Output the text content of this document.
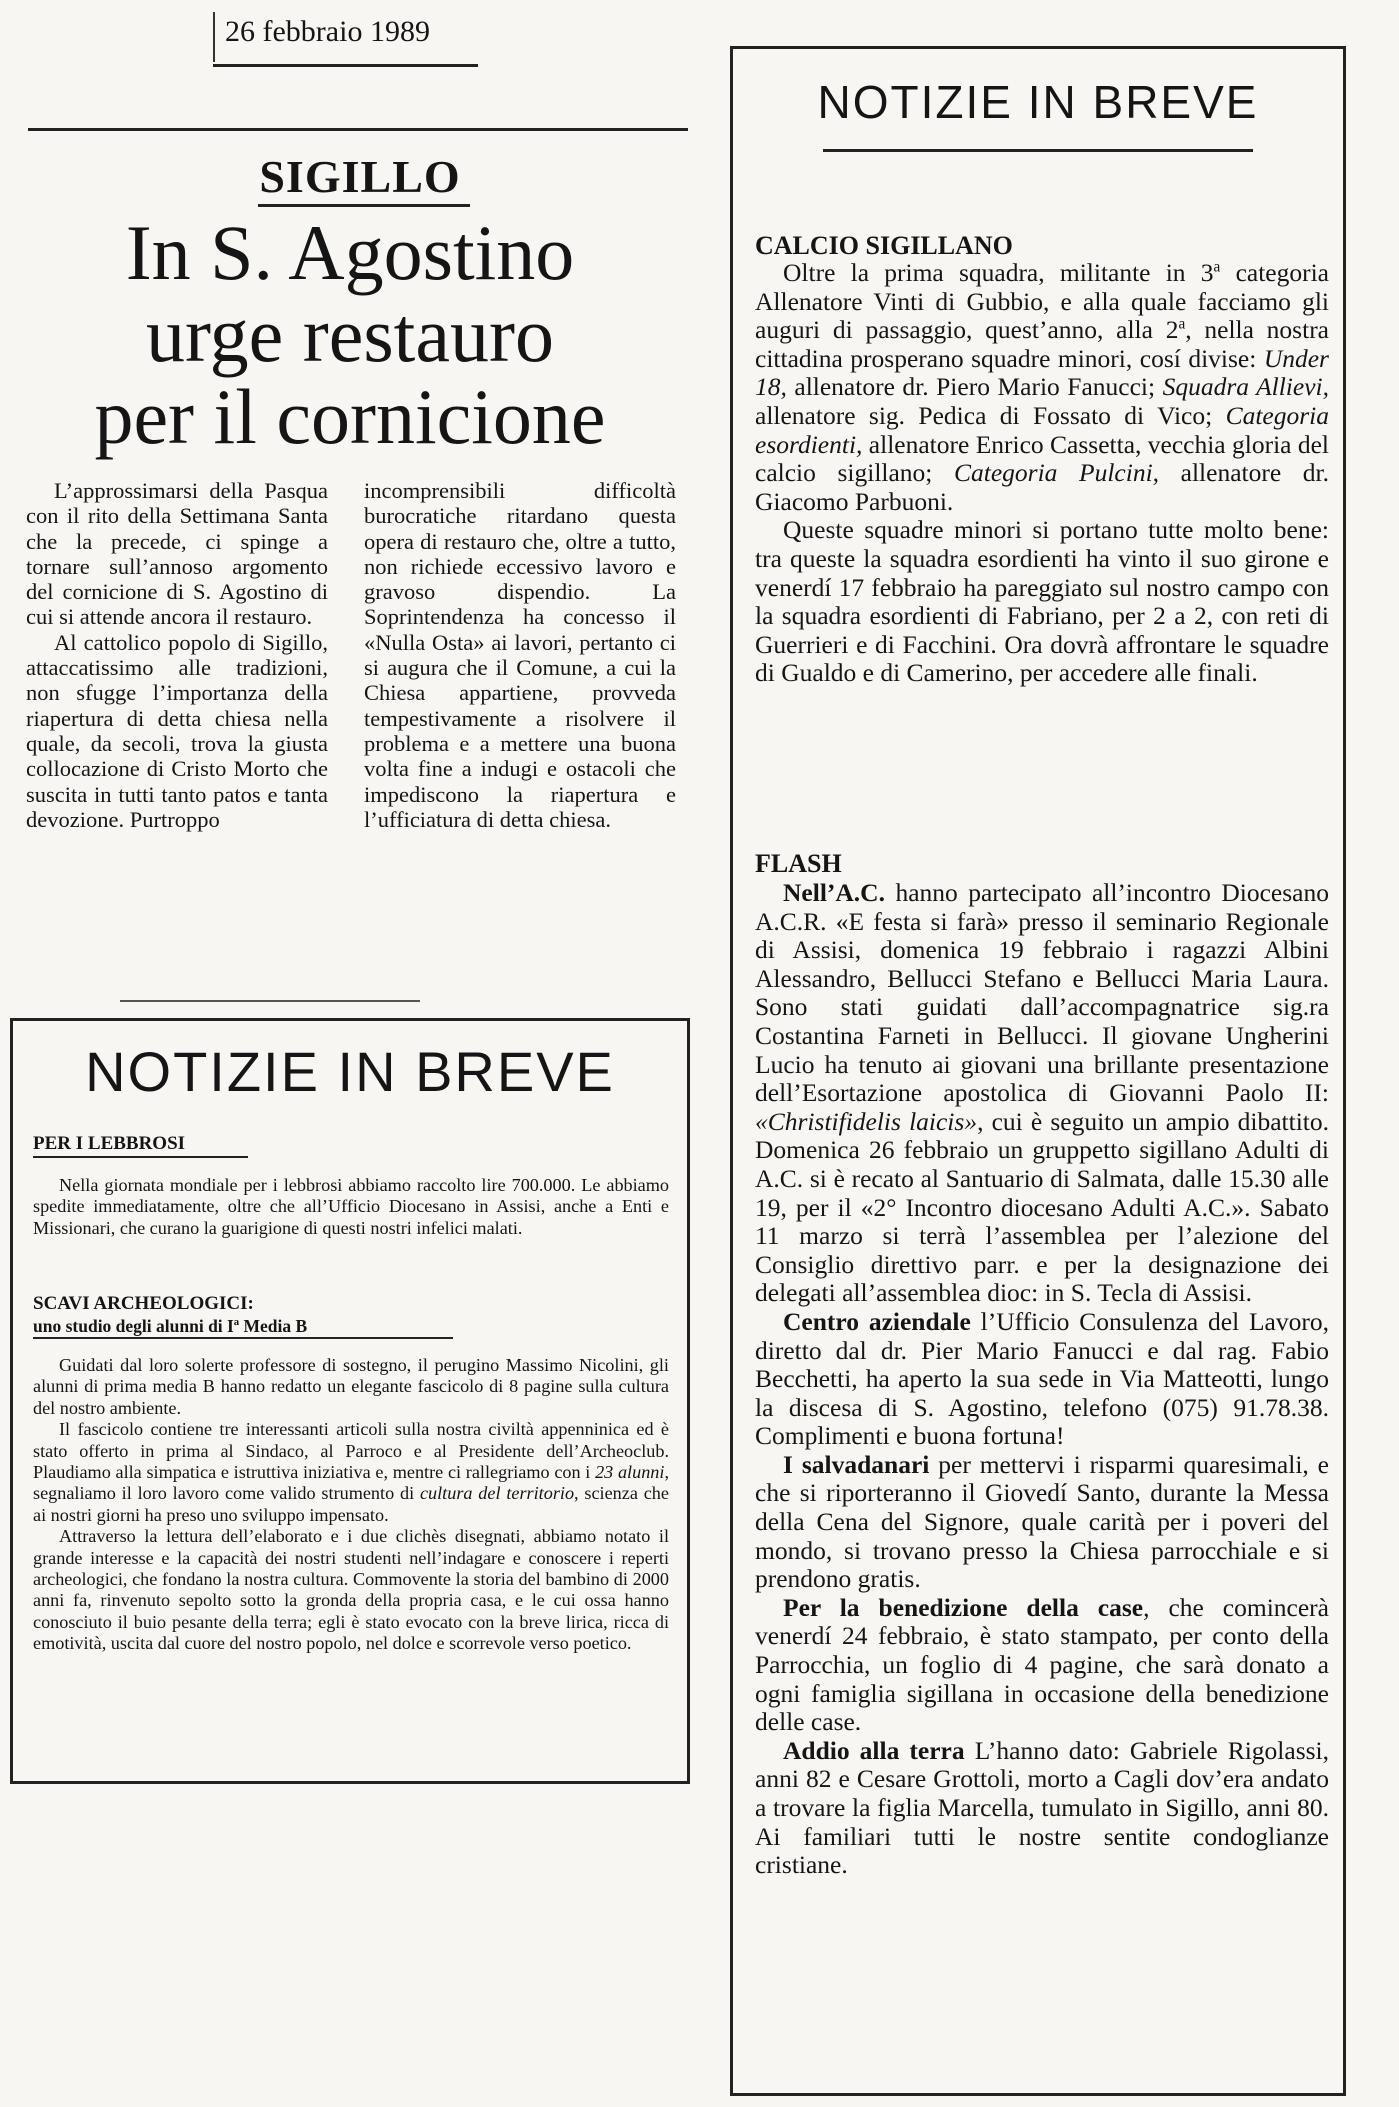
26 febbraio 1989
SIGILLO
In S. Agostino
urge restauro
per il cornicione

L’approssimarsi della Pasqua con il rito della Settimana Santa che la precede, ci spinge a tornare sull’annoso argomento del cornicione di S. Agostino di cui si attende ancora il restauro.

Al cattolico popolo di Sigillo, attaccatissimo alle tradizioni, non sfugge l’importanza della riapertura di detta chiesa nella quale, da secoli, trova la giusta collocazione di Cristo Morto che suscita in tutti tanto patos e tanta devozione. Purtroppo

incomprensibili difficoltà burocratiche ritardano questa opera di restauro che, oltre a tutto, non richiede eccessivo lavoro e gravoso dispendio. La Soprintendenza ha concesso il «Nulla Osta» ai lavori, pertanto ci si augura che il Comune, a cui la Chiesa appartiene, provveda tempestivamente a risolvere il problema e a mettere una buona volta fine a indugi e ostacoli che impediscono la riapertura e l’ufficiatura di detta chiesa.

NOTIZIE IN BREVE
PER I LEBBROSI

Nella giornata mondiale per i lebbrosi abbiamo raccolto lire 700.000. Le abbiamo spedite immediatamente, oltre che all’Ufficio Diocesano in Assisi, anche a Enti e Missionari, che curano la guarigione di questi nostri infelici malati.

SCAVI ARCHEOLOGICI:
uno studio degli alunni di Iª Media B

Guidati dal loro solerte professore di sostegno, il perugino Massimo Nicolini, gli alunni di prima media B hanno redatto un elegante fascicolo di 8 pagine sulla cultura del nostro ambiente.

Il fascicolo contiene tre interessanti articoli sulla nostra civiltà appenninica ed è stato offerto in prima al Sindaco, al Parroco e al Presidente dell’Archeoclub. Plaudiamo alla simpatica e istruttiva iniziativa e, mentre ci rallegriamo con i 23 alunni, segnaliamo il loro lavoro come valido strumento di cultura del territorio, scienza che ai nostri giorni ha preso uno sviluppo impensato.

Attraverso la lettura dell’elaborato e i due clichès disegnati, abbiamo notato il grande interesse e la capacità dei nostri studenti nell’indagare e conoscere i reperti archeologici, che fondano la nostra cultura. Commovente la storia del bambino di 2000 anni fa, rinvenuto sepolto sotto la gronda della propria casa, e le cui ossa hanno conosciuto il buio pesante della terra; egli è stato evocato con la breve lirica, ricca di emotività, uscita dal cuore del nostro popolo, nel dolce e scorrevole verso poetico.

NOTIZIE IN BREVE
CALCIO SIGILLANO

Oltre la prima squadra, militante in 3$^a$ categoria Allenatore Vinti di Gubbio, e alla quale facciamo gli auguri di passaggio, quest’anno, alla 2$^a$, nella nostra cittadina prosperano squadre minori, cosí divise: Under 18, allenatore dr. Piero Mario Fanucci; Squadra Allievi, allenatore sig. Pedica di Fossato di Vico; Categoria esordienti, allenatore Enrico Cassetta, vecchia gloria del calcio sigillano; Categoria Pulcini, allenatore dr. Giacomo Parbuoni.

Queste squadre minori si portano tutte molto bene: tra queste la squadra esordienti ha vinto il suo girone e venerdí 17 febbraio ha pareggiato sul nostro campo con la squadra esordienti di Fabriano, per 2 a 2, con reti di Guerrieri e di Facchini. Ora dovrà affrontare le squadre di Gualdo e di Camerino, per accedere alle finali.

FLASH

Nell’A.C. hanno partecipato all’incontro Diocesano A.C.R. «E festa si farà» presso il seminario Regionale di Assisi, domenica 19 febbraio i ragazzi Albini Alessandro, Bellucci Stefano e Bellucci Maria Laura. Sono stati guidati dall’accompagnatrice sig.ra Costantina Farneti in Bellucci. Il giovane Ungherini Lucio ha tenuto ai giovani una brillante presentazione dell’Esortazione apostolica di Giovanni Paolo II: «Christifidelis laicis», cui è seguito un ampio dibattito. Domenica 26 febbraio un gruppetto sigillano Adulti di A.C. si è recato al Santuario di Salmata, dalle 15.30 alle 19, per il «2° Incontro diocesano Adulti A.C.». Sabato 11 marzo si terrà l’assemblea per l’alezione del Consiglio direttivo parr. e per la designazione dei delegati all’assemblea dioc: in S. Tecla di Assisi.

Centro aziendale l’Ufficio Consulenza del Lavoro, diretto dal dr. Pier Mario Fanucci e dal rag. Fabio Becchetti, ha aperto la sua sede in Via Matteotti, lungo la discesa di S. Agostino, telefono (075) 91.78.38. Complimenti e buona fortuna!

I salvadanari per mettervi i risparmi quaresimali, e che si riporteranno il Giovedí Santo, durante la Messa della Cena del Signore, quale carità per i poveri del mondo, si trovano presso la Chiesa parrocchiale e si prendono gratis.

Per la benedizione della case, che comincerà venerdí 24 febbraio, è stato stampato, per conto della Parrocchia, un foglio di 4 pagine, che sarà donato a ogni famiglia sigillana in occasione della benedizione delle case.

Addio alla terra L’hanno dato: Gabriele Rigolassi, anni 82 e Cesare Grottoli, morto a Cagli dov’era andato a trovare la figlia Marcella, tumulato in Sigillo, anni 80. Ai familiari tutti le nostre sentite condoglianze cristiane.
